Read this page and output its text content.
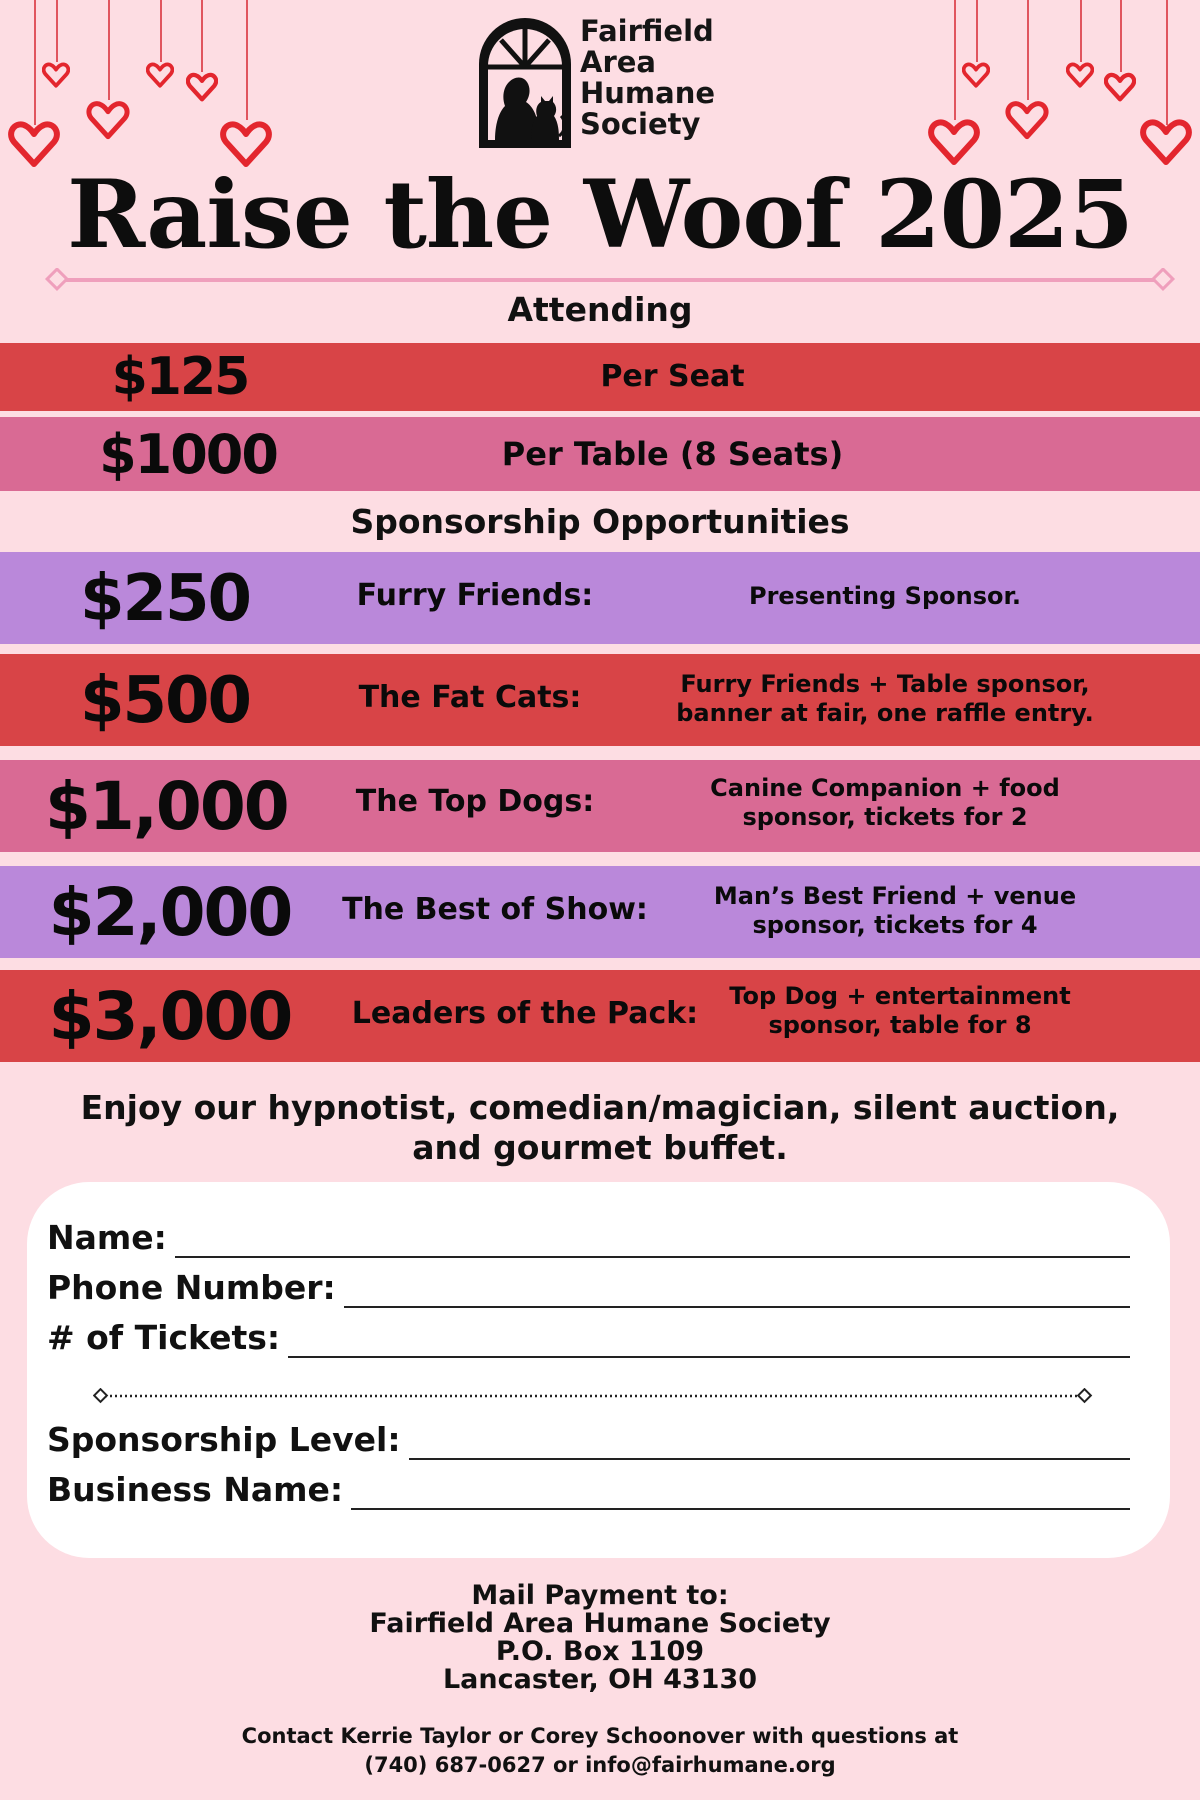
Fairfield
Area
Humane
Society
Raise the Woof 2025
Attending
$125	Per Seat
$1000	Per Table (8 Seats)
Sponsorship Opportunities
$250	Furry Friends:	Presenting Sponsor.
$500	The Fat Cats:	Furry Friends + Table sponsor,
banner at fair, one raffle entry.
$1,000	The Top Dogs:	Canine Companion + food
sponsor, tickets for 2
$2,000 The Best of Show:	Man’s Best Friend + venue
sponsor, tickets for 4
$3,000 Leaders of the Pack:	Top Dog + entertainment
sponsor, table for 8
Enjoy our hypnotist, comedian/magician, silent auction, and gourmet buffet.
Name:
Phone Number:
# of Tickets:
Sponsorship Level:
Business Name:
Mail Payment to:
Fairfield Area Humane Society
P.O. Box 1109
Lancaster, OH 43130
Contact Kerrie Taylor or Corey Schoonover with questions at
(740) 687-0627 or info@fairhumane.org
